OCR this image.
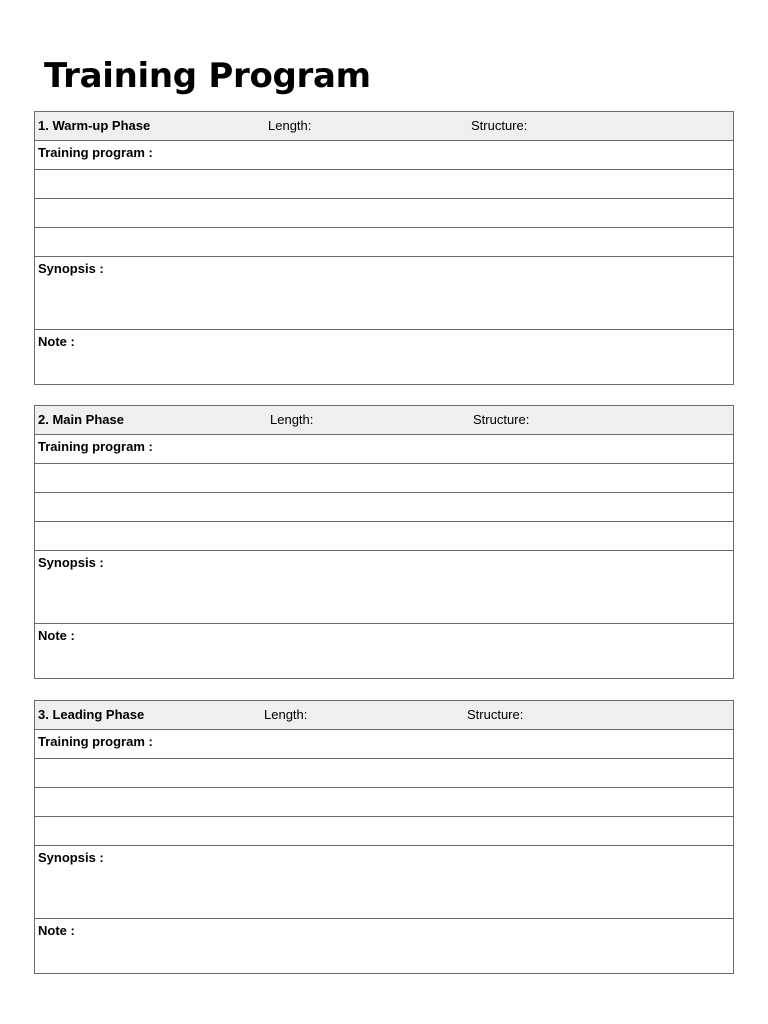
Training Program
1. Warm-up Phase	Length:	Structure:
Training program :
Synopsis :
Note :
2. Main Phase	Length:	Structure:
Training program :
Synopsis :
Note :
3. Leading Phase	Length:	Structure:
Training program :
Synopsis :
Note :
